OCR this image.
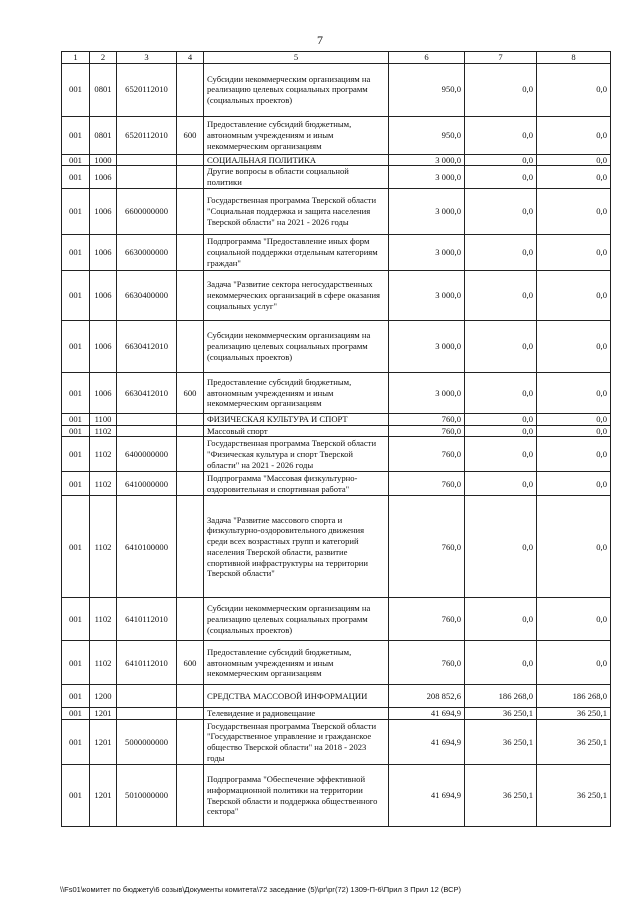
7
1	2	3	4	5	6	7	8
001	0801	6520112010		Субсидии некоммерческим организациям на реализацию целевых социальных программ (социальных проектов)	950,0	0,0	0,0
001	0801	6520112010	600	Предоставление субсидий бюджетным, автономным учреждениям и иным некоммерческим организациям	950,0	0,0	0,0
001	1000			СОЦИАЛЬНАЯ ПОЛИТИКА	3 000,0	0,0	0,0
001	1006			Другие вопросы в области социальной политики	3 000,0	0,0	0,0
001	1006	6600000000		Государственная программа Тверской области "Социальная поддержка и защита населения Тверской области" на 2021 - 2026 годы	3 000,0	0,0	0,0
001	1006	6630000000		Подпрограмма "Предоставление иных форм социальной поддержки отдельным категориям граждан"	3 000,0	0,0	0,0
001	1006	6630400000		Задача "Развитие сектора негосударственных некоммерческих организаций в сфере оказания социальных услуг"	3 000,0	0,0	0,0
001	1006	6630412010		Субсидии некоммерческим организациям на реализацию целевых социальных программ (социальных проектов)	3 000,0	0,0	0,0
001	1006	6630412010	600	Предоставление субсидий бюджетным, автономным учреждениям и иным некоммерческим организациям	3 000,0	0,0	0,0
001	1100			ФИЗИЧЕСКАЯ КУЛЬТУРА И СПОРТ	760,0	0,0	0,0
001	1102			Массовый спорт	760,0	0,0	0,0
001	1102	6400000000		Государственная программа Тверской области "Физическая культура и спорт Тверской области" на 2021 - 2026 годы	760,0	0,0	0,0
001	1102	6410000000		Подпрограмма "Массовая физкультурно-оздоровительная и спортивная работа"	760,0	0,0	0,0
001	1102	6410100000		Задача "Развитие массового спорта и физкультурно-оздоровительного движения среди всех возрастных групп и категорий населения Тверской области, развитие спортивной инфраструктуры на территории Тверской области"	760,0	0,0	0,0
001	1102	6410112010		Субсидии некоммерческим организациям на реализацию целевых социальных программ (социальных проектов)	760,0	0,0	0,0
001	1102	6410112010	600	Предоставление субсидий бюджетным, автономным учреждениям и иным некоммерческим организациям	760,0	0,0	0,0
001	1200			СРЕДСТВА МАССОВОЙ ИНФОРМАЦИИ	208 852,6	186 268,0	186 268,0
001	1201			Телевидение и радиовещание	41 694,9	36 250,1	36 250,1
001	1201	5000000000		Государственная программа Тверской области "Государственное управление и гражданское общество Тверской области" на 2018 - 2023 годы	41 694,9	36 250,1	36 250,1
001	1201	5010000000		Подпрограмма "Обеспечение эффективной информационной политики на территории Тверской области и поддержка общественного сектора"	41 694,9	36 250,1	36 250,1
\\Fs01\комитет по бюджету\6 созыв\Документы комитета\72 заседание (5)\рг\рг(72) 1309-П-6\Прил 3 Прил 12 (ВСР)
